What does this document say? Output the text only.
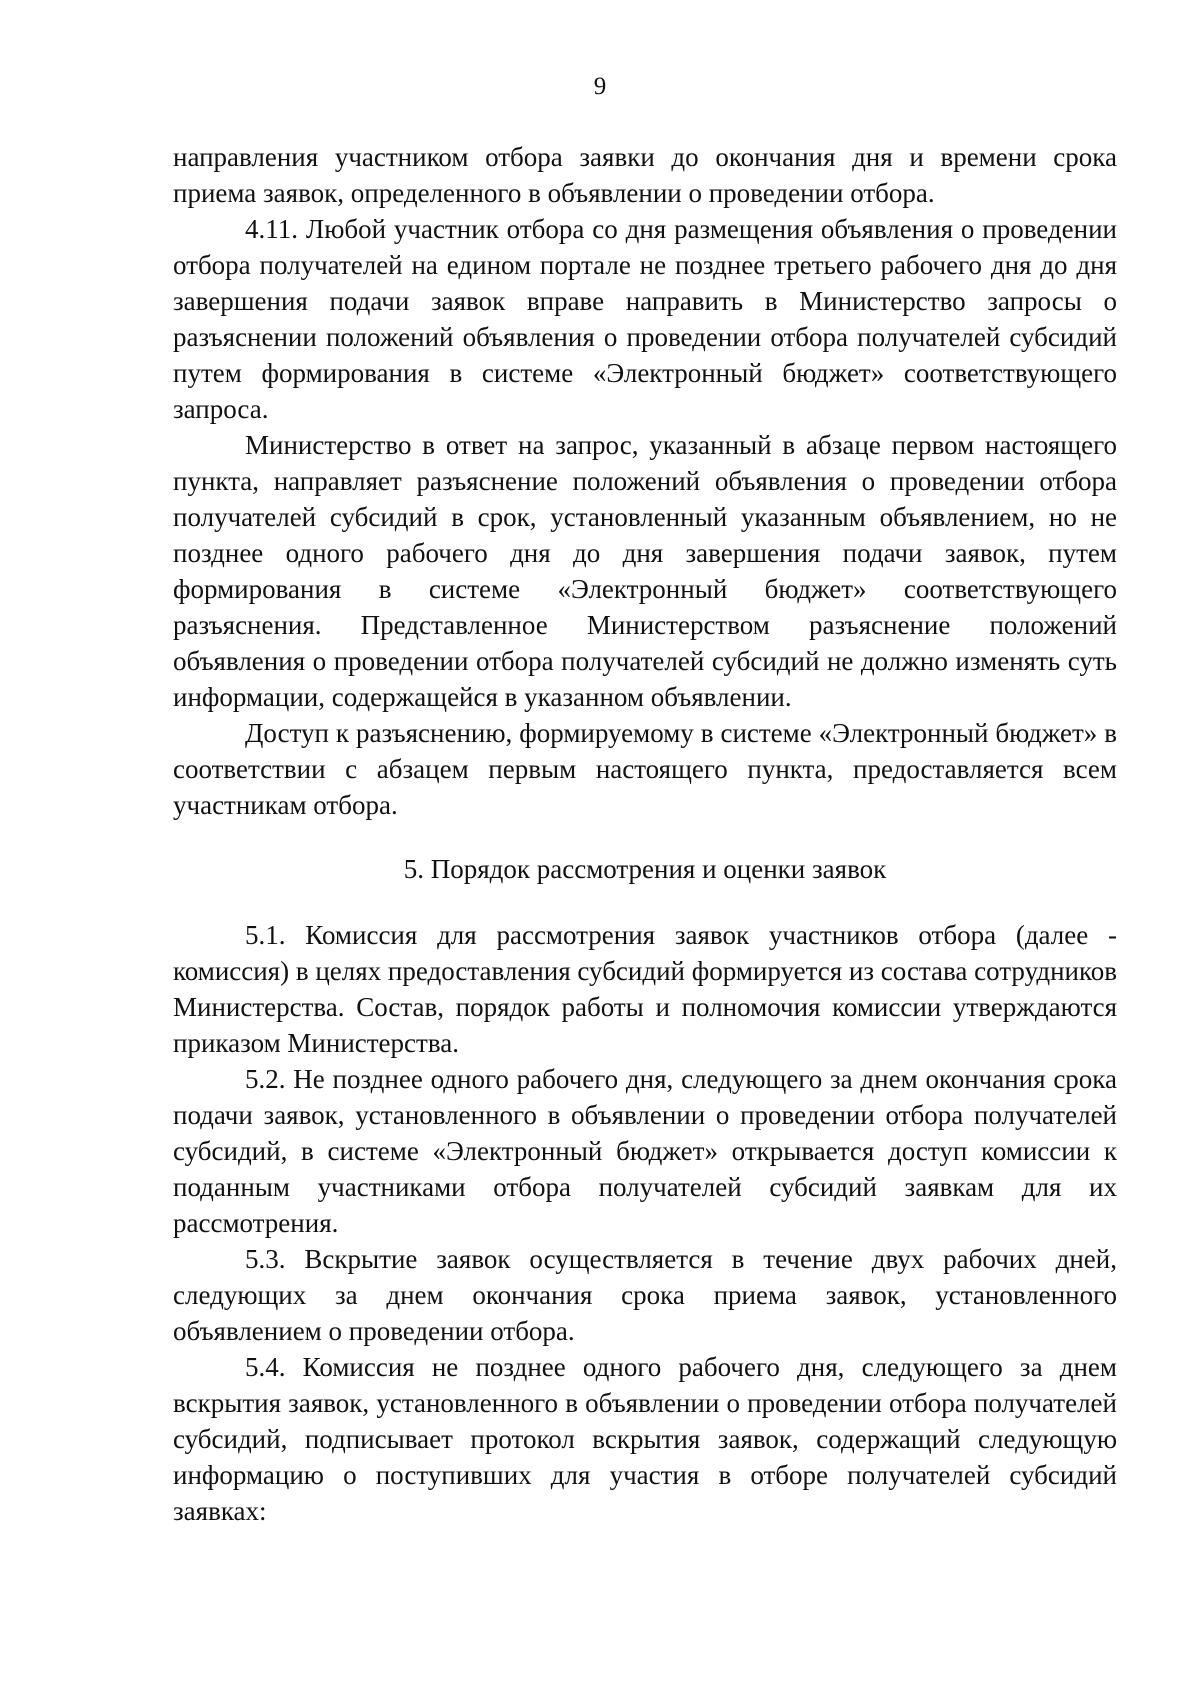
9

направления участником отбора заявки до окончания дня и времени срока приема заявок, определенного в объявлении о проведении отбора.

4.11. Любой участник отбора со дня размещения объявления о проведении отбора получателей на едином портале не позднее третьего рабочего дня до дня завершения подачи заявок вправе направить в Министерство запросы о разъяснении положений объявления о проведении отбора получателей субсидий путем формирования в системе «Электронный бюджет» соответствующего запроса.

Министерство в ответ на запрос, указанный в абзаце первом настоящего пункта, направляет разъяснение положений объявления о проведении отбора получателей субсидий в срок, установленный указанным объявлением, но не позднее одного рабочего дня до дня завершения подачи заявок, путем формирования в системе «Электронный бюджет» соответствующего разъяснения. Представленное Министерством разъяснение положений объявления о проведении отбора получателей субсидий не должно изменять суть информации, содержащейся в указанном объявлении.

Доступ к разъяснению, формируемому в системе «Электронный бюджет» в соответствии с абзацем первым настоящего пункта, предоставляется всем участникам отбора.

5. Порядок рассмотрения и оценки заявок

5.1. Комиссия для рассмотрения заявок участников отбора (далее - комиссия) в целях предоставления субсидий формируется из состава сотрудников Министерства. Состав, порядок работы и полномочия комиссии утверждаются приказом Министерства.

5.2. Не позднее одного рабочего дня, следующего за днем окончания срока подачи заявок, установленного в объявлении о проведении отбора получателей субсидий, в системе «Электронный бюджет» открывается доступ комиссии к поданным участниками отбора получателей субсидий заявкам для их рассмотрения.

5.3. Вскрытие заявок осуществляется в течение двух рабочих дней, следующих за днем окончания срока приема заявок, установленного объявлением о проведении отбора.

5.4. Комиссия не позднее одного рабочего дня, следующего за днем вскрытия заявок, установленного в объявлении о проведении отбора получателей субсидий, подписывает протокол вскрытия заявок, содержащий следующую информацию о поступивших для участия в отборе получателей субсидий заявках:
